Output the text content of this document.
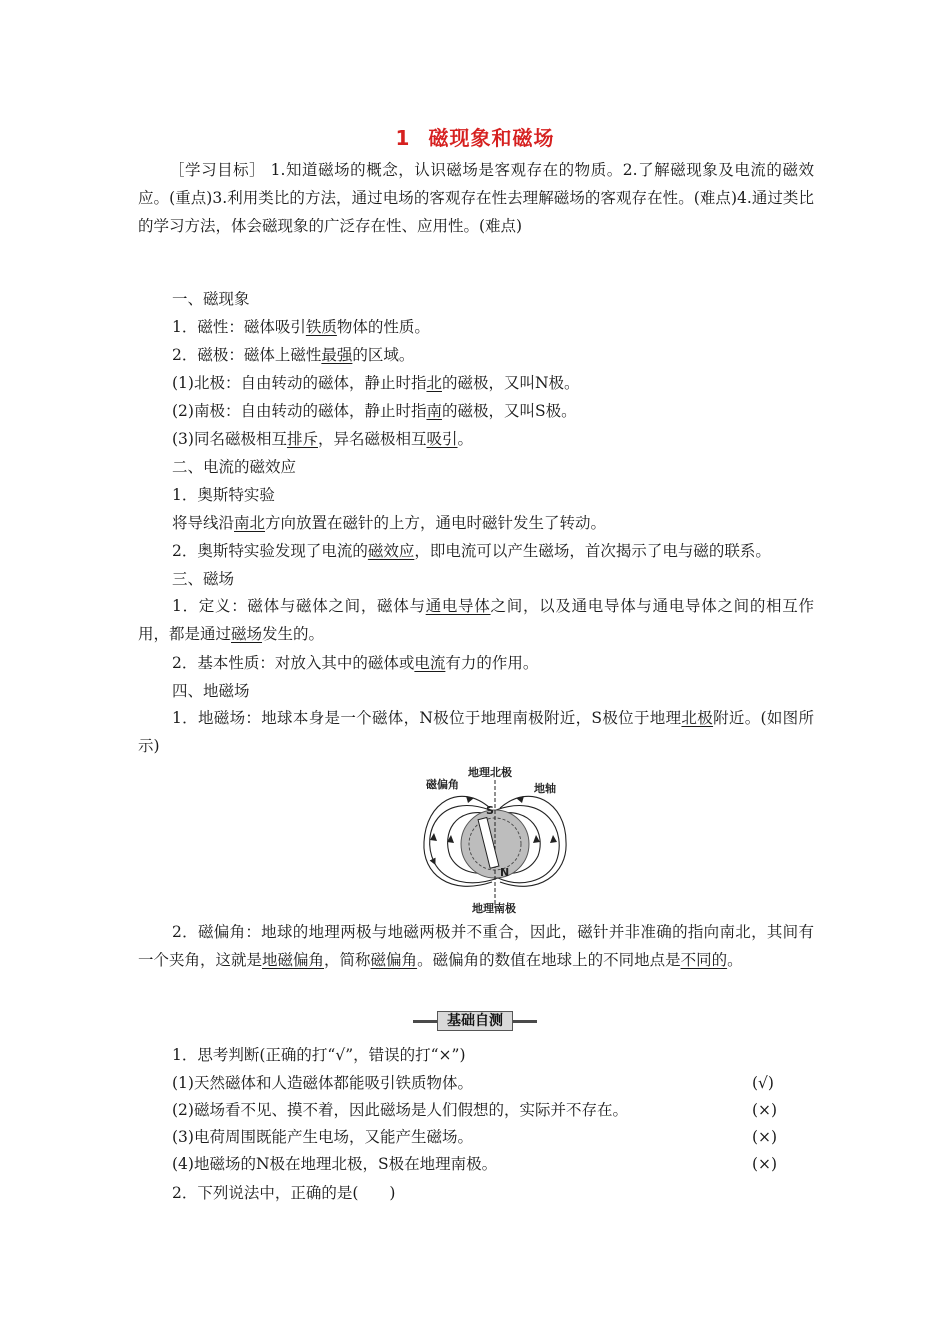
1 磁现象和磁场
［学习目标］ 1.知道磁场的概念，认识磁场是客观存在的物质。2.了解磁现象及电流的磁效应。(重点)3.利用类比的方法，通过电场的客观存在性去理解磁场的客观存在性。(难点)4.通过类比的学习方法，体会磁现象的广泛存在性、应用性。(难点)
一、磁现象
1．磁性：磁体吸引铁质物体的性质。
2．磁极：磁体上磁性最强的区域。
(1)北极：自由转动的磁体，静止时指北的磁极，又叫N极。
(2)南极：自由转动的磁体，静止时指南的磁极，又叫S极。
(3)同名磁极相互排斥，异名磁极相互吸引。
二、电流的磁效应
1．奥斯特实验
将导线沿南北方向放置在磁针的上方，通电时磁针发生了转动。
2．奥斯特实验发现了电流的磁效应，即电流可以产生磁场，首次揭示了电与磁的联系。
三、磁场
1．定义：磁体与磁体之间，磁体与通电导体之间，以及通电导体与通电导体之间的相互作用，都是通过磁场发生的。
2．基本性质：对放入其中的磁体或电流有力的作用。
四、地磁场
1．地磁场：地球本身是一个磁体，N极位于地理南极附近，S极位于地理北极附近。(如图所示)
S
N
地理北极
磁偏角	地轴
地理南极
2．磁偏角：地球的地理两极与地磁两极并不重合，因此，磁针并非准确的指向南北，其间有一个夹角，这就是地磁偏角，简称磁偏角。磁偏角的数值在地球上的不同地点是不同的。
基础自测
1．思考判断(正确的打“√”，错误的打“×”)
(1)天然磁体和人造磁体都能吸引铁质物体。	(√)
(2)磁场看不见、摸不着，因此磁场是人们假想的，实际并不存在。	(×)
(3)电荷周围既能产生电场，又能产生磁场。	(×)
(4)地磁场的N极在地理北极，S极在地理南极。	(×)
2．下列说法中，正确的是(　　)
